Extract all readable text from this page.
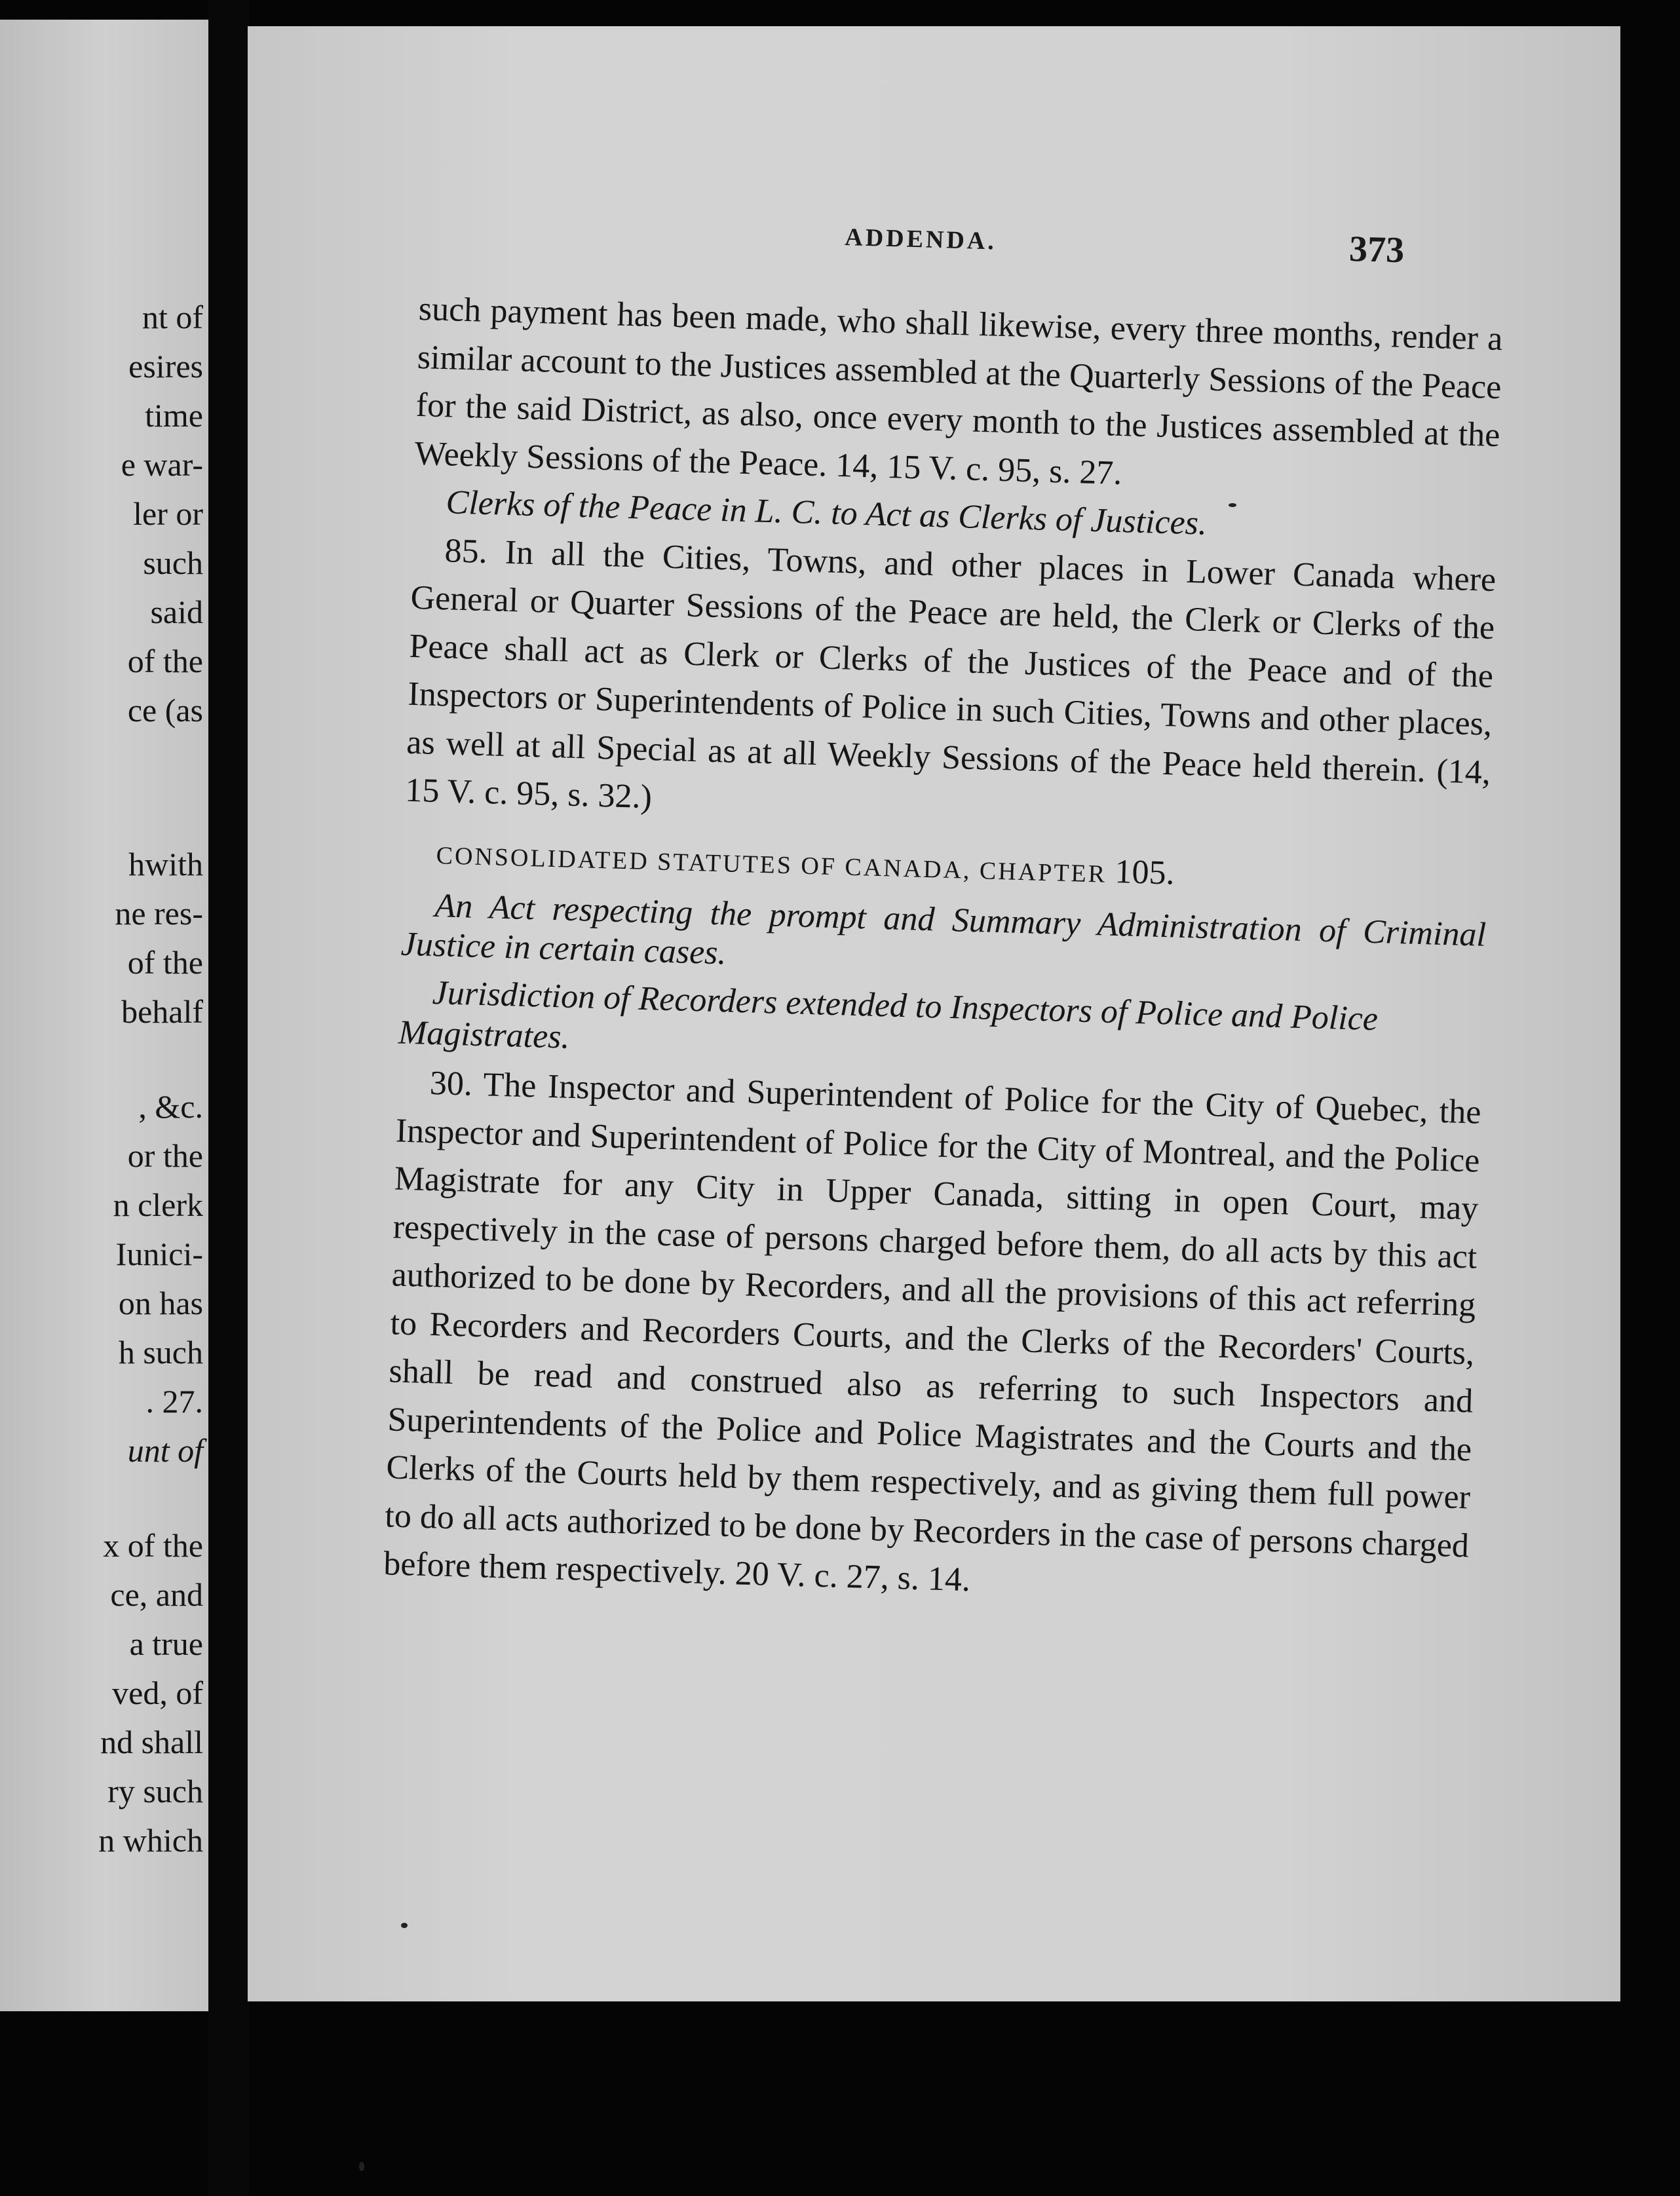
nt of
esires
time
e war-
ler or
such
said
of the
ce (as
hwith
ne res-
of the
behalf
, &c.
or the
n clerk
Iunici-
on has
h such
. 27.
unt of
x of the
ce, and
a true
ved, of
nd shall
ry such
n which
ADDENDA.	373

such payment has been made, who shall likewise, every three months, render a similar account to the Justices assembled at the Quarterly Sessions of the Peace for the said District, as also, once every month to the Justices assembled at the Weekly Sessions of the Peace. 14, 15 V. c. 95, s. 27.

Clerks of the Peace in L. C. to Act as Clerks of Justices.

85. In all the Cities, Towns, and other places in Lower Canada where General or Quarter Sessions of the Peace are held, the Clerk or Clerks of the Peace shall act as Clerk or Clerks of the Justices of the Peace and of the Inspectors or Superintendents of Police in such Cities, Towns and other places, as well at all Special as at all Weekly Sessions of the Peace held therein. (14, 15 V. c. 95, s. 32.)

CONSOLIDATED STATUTES OF CANADA, CHAPTER 105.

An Act respecting the prompt and Summary Administration of Criminal Justice in certain cases.

Jurisdiction of Recorders extended to Inspectors of Police and Police Magistrates.

30. The Inspector and Superintendent of Police for the City of Quebec, the Inspector and Superintendent of Police for the City of Montreal, and the Police Magistrate for any City in Upper Canada, sitting in open Court, may respectively in the case of persons charged before them, do all acts by this act authorized to be done by Recorders, and all the provisions of this act referring to Recorders and Recorders Courts, and the Clerks of the Recorders' Courts, shall be read and construed also as referring to such Inspectors and Superintendents of the Police and Police Magistrates and the Courts and the Clerks of the Courts held by them respectively, and as giving them full power to do all acts authorized to be done by Recorders in the case of persons charged before them respectively. 20 V. c. 27, s. 14.
